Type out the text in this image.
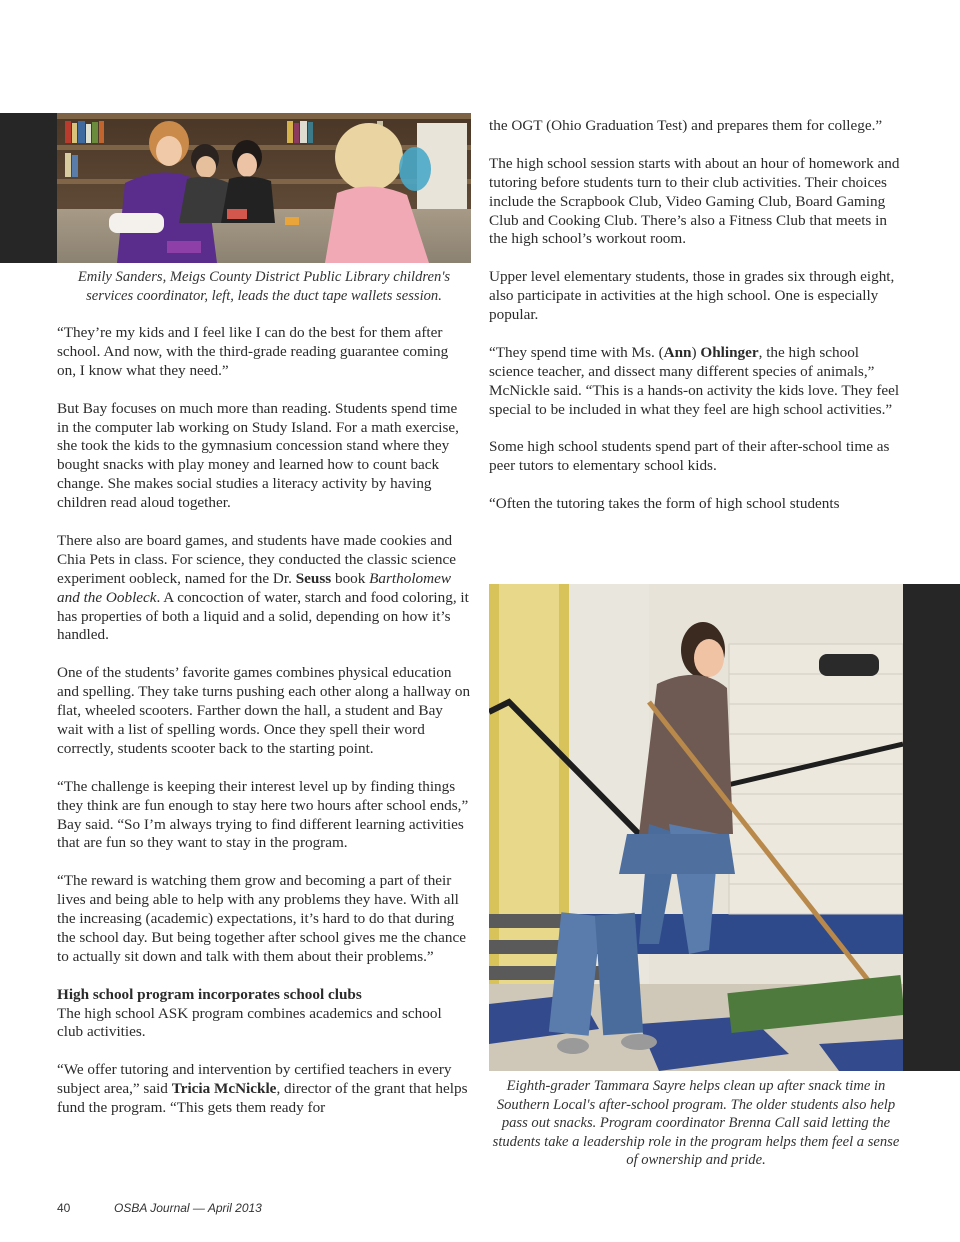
Emily Sanders, Meigs County District Public Library children's services coordinator, left, leads the duct tape wallets session.

“They’re my kids and I feel like I can do the best for them after school. And now, with the third-grade reading guarantee coming on, I know what they need.”

But Bay focuses on much more than reading. Students spend time in the computer lab working on Study Island. For a math exercise, she took the kids to the gymnasium concession stand where they bought snacks with play money and learned how to count back change. She makes social studies a literacy activity by having children read aloud together.

There also are board games, and students have made cookies and Chia Pets in class. For science, they conducted the classic science experiment oobleck, named for the Dr. Seuss book Bartholomew and the Oobleck. A concoction of water, starch and food coloring, it has properties of both a liquid and a solid, depending on how it’s handled.

One of the students’ favorite games combines physical education and spelling. They take turns pushing each other along a hallway on flat, wheeled scooters. Farther down the hall, a student and Bay wait with a list of spelling words. Once they spell their word correctly, students scooter back to the starting point.

“The challenge is keeping their interest level up by finding things they think are fun enough to stay here two hours after school ends,” Bay said. “So I’m always trying to find different learning activities that are fun so they want to stay in the program.

“The reward is watching them grow and becoming a part of their lives and being able to help with any problems they have. With all the increasing (academic) expectations, it’s hard to do that during the school day. But being together after school gives me the chance to actually sit down and talk with them about their problems.”

High school program incorporates school clubs
The high school ASK program combines academics and school club activities.

“We offer tutoring and intervention by certified teachers in every subject area,” said Tricia McNickle, director of the grant that helps fund the program. “This gets them ready for

the OGT (Ohio Graduation Test) and prepares them for college.”

The high school session starts with about an hour of homework and tutoring before students turn to their club activities. Their choices include the Scrapbook Club, Video Gaming Club, Board Gaming Club and Cooking Club. There’s also a Fitness Club that meets in the high school’s workout room.

Upper level elementary students, those in grades six through eight, also participate in activities at the high school. One is especially popular.

“They spend time with Ms. (Ann) Ohlinger, the high school science teacher, and dissect many different species of animals,” McNickle said. “This is a hands-on activity the kids love. They feel special to be included in what they feel are high school activities.”

Some high school students spend part of their after-school time as peer tutors to elementary school kids.

“Often the tutoring takes the form of high school students

Eighth-grader Tammara Sayre helps clean up after snack time in Southern Local's after-school program. The older students also help pass out snacks. Program coordinator Brenna Call said letting the students take a leadership role in the program helps them feel a sense of ownership and pride.
40	OSBA Journal — April 2013
